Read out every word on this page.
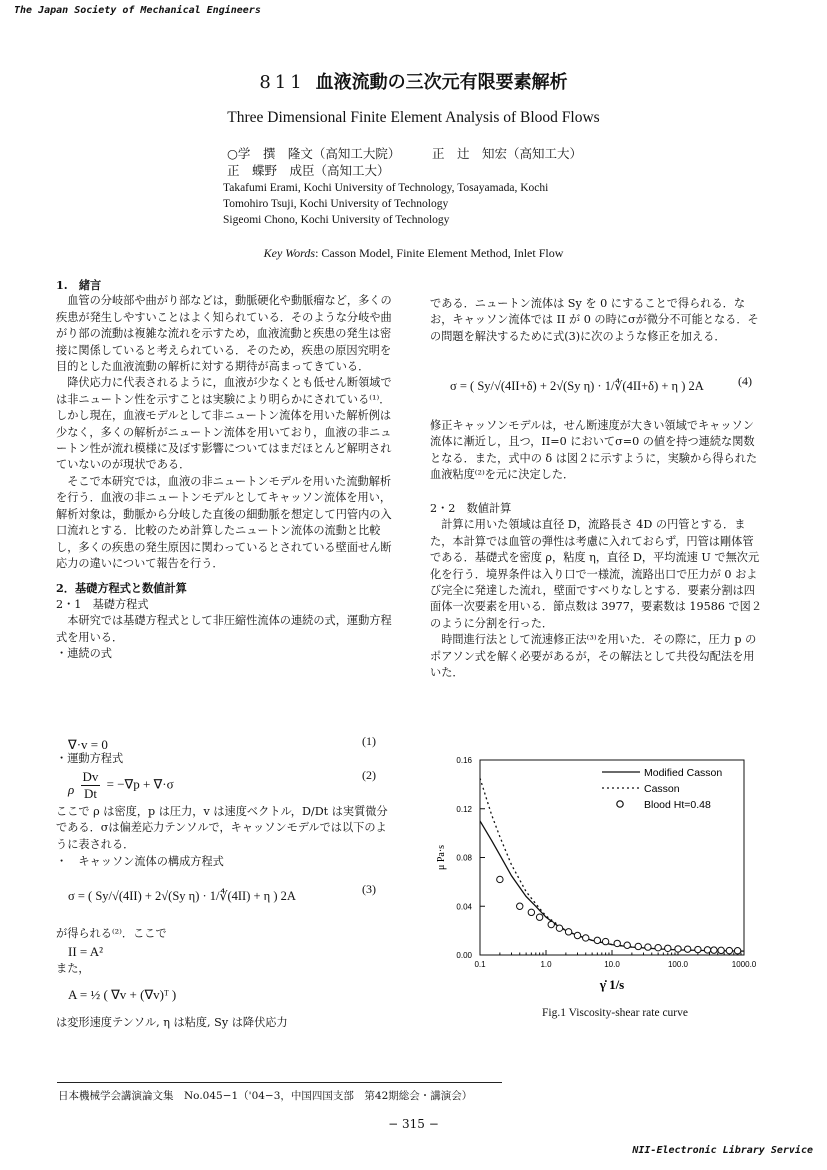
The Japan Society of Mechanical Engineers
811 血液流動の三次元有限要素解析
Three Dimensional Finite Element Analysis of Blood Flows
○学　撰　隆文（高知工大院）	正　辻　知宏（高知工大）
正　蝶野　成臣（高知工大）
Takafumi Erami, Kochi University of Technology, Tosayamada, Kochi
Tomohiro Tsuji, Kochi University of Technology
Sigeomi Chono, Kochi University of Technology
Key Words: Casson Model, Finite Element Method, Inlet Flow

1.　緒言

血管の分岐部や曲がり部などは，動脈硬化や動脈瘤など，多くの疾患が発生しやすいことはよく知られている．そのような分岐や曲がり部の流動は複雑な流れを示すため，血液流動と疾患の発生は密接に関係していると考えられている．そのため，疾患の原因究明を目的とした血液流動の解析に対する期待が高まってきている．

降伏応力に代表されるように，血液が少なくとも低せん断領域では非ニュートン性を示すことは実験により明らかにされている⁽¹⁾．しかし現在，血液モデルとして非ニュートン流体を用いた解析例は少なく，多くの解析がニュートン流体を用いており，血液の非ニュートン性が流れ模様に及ぼす影響についてはまだほとんど解明されていないのが現状である．

そこで本研究では，血液の非ニュートンモデルを用いた流動解析を行う．血液の非ニュートンモデルとしてキャッソン流体を用い，解析対象は，動脈から分岐した直後の細動脈を想定して円管内の入口流れとする．比較のため計算したニュートン流体の流動と比較し，多くの疾患の発生原因に関わっているとされている壁面せん断応力の違いについて報告を行う．

2．基礎方程式と数値計算

2・1　基礎方程式

本研究では基礎方程式として非圧縮性流体の連続の式，運動方程式を用いる．

・連続の式

∇·v = 0	(1)
・運動方程式
ρ $\frac{Dv}{Dt} = -\nabla p + \nabla\cdot\sigma$
(2)
ここで ρ は密度，p は圧力，v は速度ベクトル，D/Dt は実質微分である．σは偏差応力テンソルで，キャッソンモデルでは以下のように表される．
・　キャッソン流体の構成方程式
σ = ( Sy/√(4II) + 2√(Sy η) · 1/∜(4II) + η ) 2A	(3)
が得られる⁽²⁾．ここで
II = A²
また，
A = ½ ( ∇v + (∇v)ᵀ )
は変形速度テンソル, η は粘度, Sy は降伏応力
である．ニュートン流体は Sy を 0 にすることで得られる．なお，キャッソン流体では II が 0 の時にσが微分不可能となる．その問題を解決するために式(3)に次のような修正を加える．
σ = ( Sy/√(4II+δ) + 2√(Sy η) · 1/∜(4II+δ) + η ) 2A	(4)
修正キャッソンモデルは，せん断速度が大きい領域でキャッソン流体に漸近し，且つ，II=0 においてσ=0 の値を持つ連続な関数となる．また，式中の δ は図２に示すように，実験から得られた血液粘度⁽²⁾を元に決定した．

2・2　数値計算

計算に用いた領域は直径 D，流路長さ 4D の円管とする．また，本計算では血管の弾性は考慮に入れておらず，円管は剛体管である．基礎式を密度 ρ，粘度 η，直径 D，平均流速 U で無次元化を行う．境界条件は入り口で一様流，流路出口で圧力が 0 および完全に発達した流れ，壁面ですべりなしとする．要素分割は四面体一次要素を用いる．節点数は 3977，要素数は 19586 で図２のように分割を行った．

時間進行法として流速修正法⁽³⁾を用いた．その際に，圧力 p のポアソン式を解く必要があるが，その解法として共役勾配法を用いた．

0.1	1.0	10.0	100.0	1000.0
0.00
0.04
0.08
0.12
0.16
γ̇ 1/s
μ Pa·s
Modified Casson
Casson
Blood Ht=0.48
Fig.1 Viscosity-shear rate curve
日本機械学会講演論文集　No.045−1（'04−3，中国四国支部　第42期総会・講演会）
− 315 −
NII-Electronic Library Service
